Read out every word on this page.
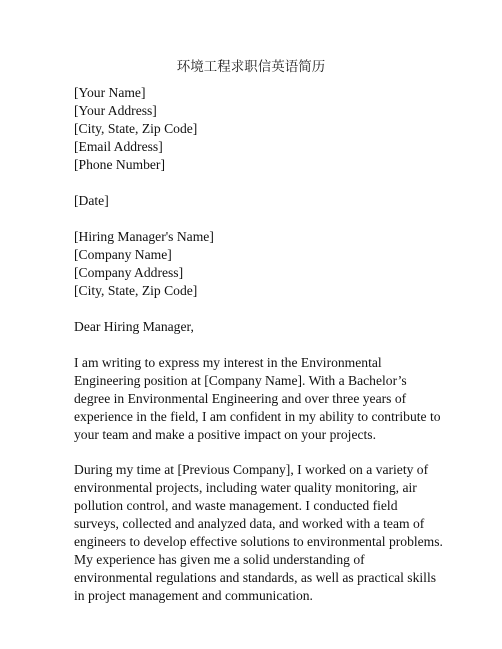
环境工程求职信英语简历
[Your Name]
[Your Address]
[City, State, Zip Code]
[Email Address]
[Phone Number]
[Date]
[Hiring Manager's Name]
[Company Name]
[Company Address]
[City, State, Zip Code]
Dear Hiring Manager,
I am writing to express my interest in the Environmental
Engineering position at [Company Name]. With a Bachelor’s
degree in Environmental Engineering and over three years of
experience in the field, I am confident in my ability to contribute to
your team and make a positive impact on your projects.
During my time at [Previous Company], I worked on a variety of
environmental projects, including water quality monitoring, air
pollution control, and waste management. I conducted field
surveys, collected and analyzed data, and worked with a team of
engineers to develop effective solutions to environmental problems.
My experience has given me a solid understanding of
environmental regulations and standards, as well as practical skills
in project management and communication.
